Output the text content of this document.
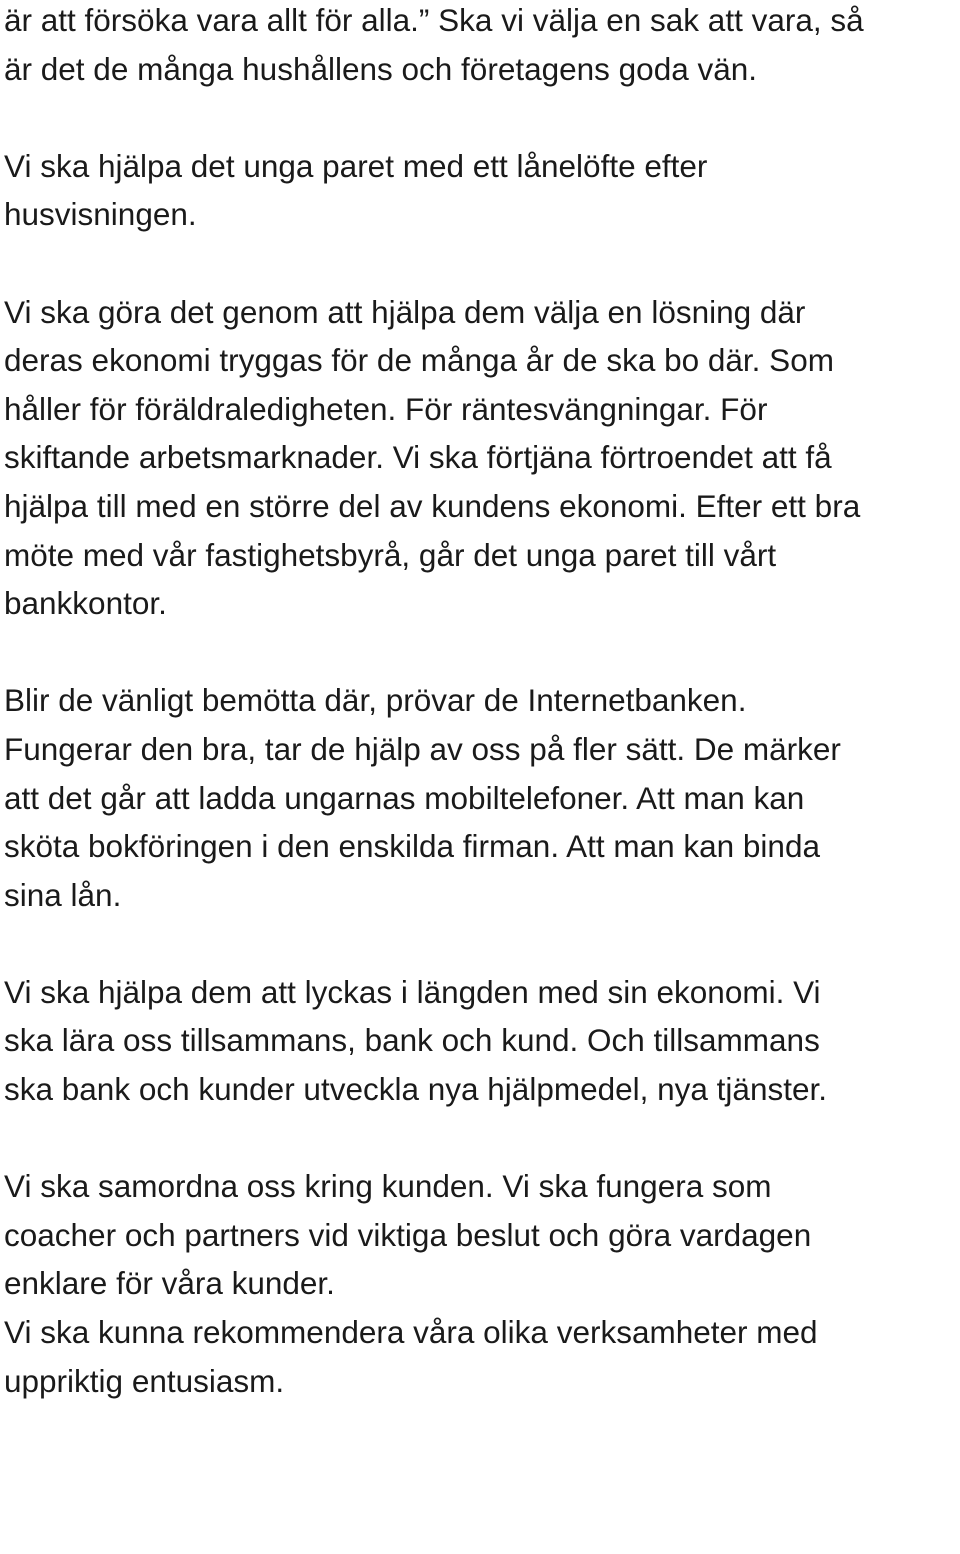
är att försöka vara allt för alla.” Ska vi välja en sak att vara, så
är det de många hushållens och företagens goda vän.

Vi ska hjälpa det unga paret med ett lånelöfte efter
husvisningen.

Vi ska göra det genom att hjälpa dem välja en lösning där
deras ekonomi tryggas för de många år de ska bo där. Som
håller för föräldraledigheten. För räntesvängningar. För
skiftande arbetsmarknader. Vi ska förtjäna förtroendet att få
hjälpa till med en större del av kundens ekonomi. Efter ett bra
möte med vår fastighetsbyrå, går det unga paret till vårt
bankkontor.

Blir de vänligt bemötta där, prövar de Internetbanken.
Fungerar den bra, tar de hjälp av oss på fler sätt. De märker
att det går att ladda ungarnas mobiltelefoner. Att man kan
sköta bokföringen i den enskilda firman. Att man kan binda
sina lån.

Vi ska hjälpa dem att lyckas i längden med sin ekonomi. Vi
ska lära oss tillsammans, bank och kund. Och tillsammans
ska bank och kunder utveckla nya hjälpmedel, nya tjänster.

Vi ska samordna oss kring kunden. Vi ska fungera som
coacher och partners vid viktiga beslut och göra vardagen
enklare för våra kunder.

Vi ska kunna rekommendera våra olika verksamheter med
uppriktig entusiasm.
